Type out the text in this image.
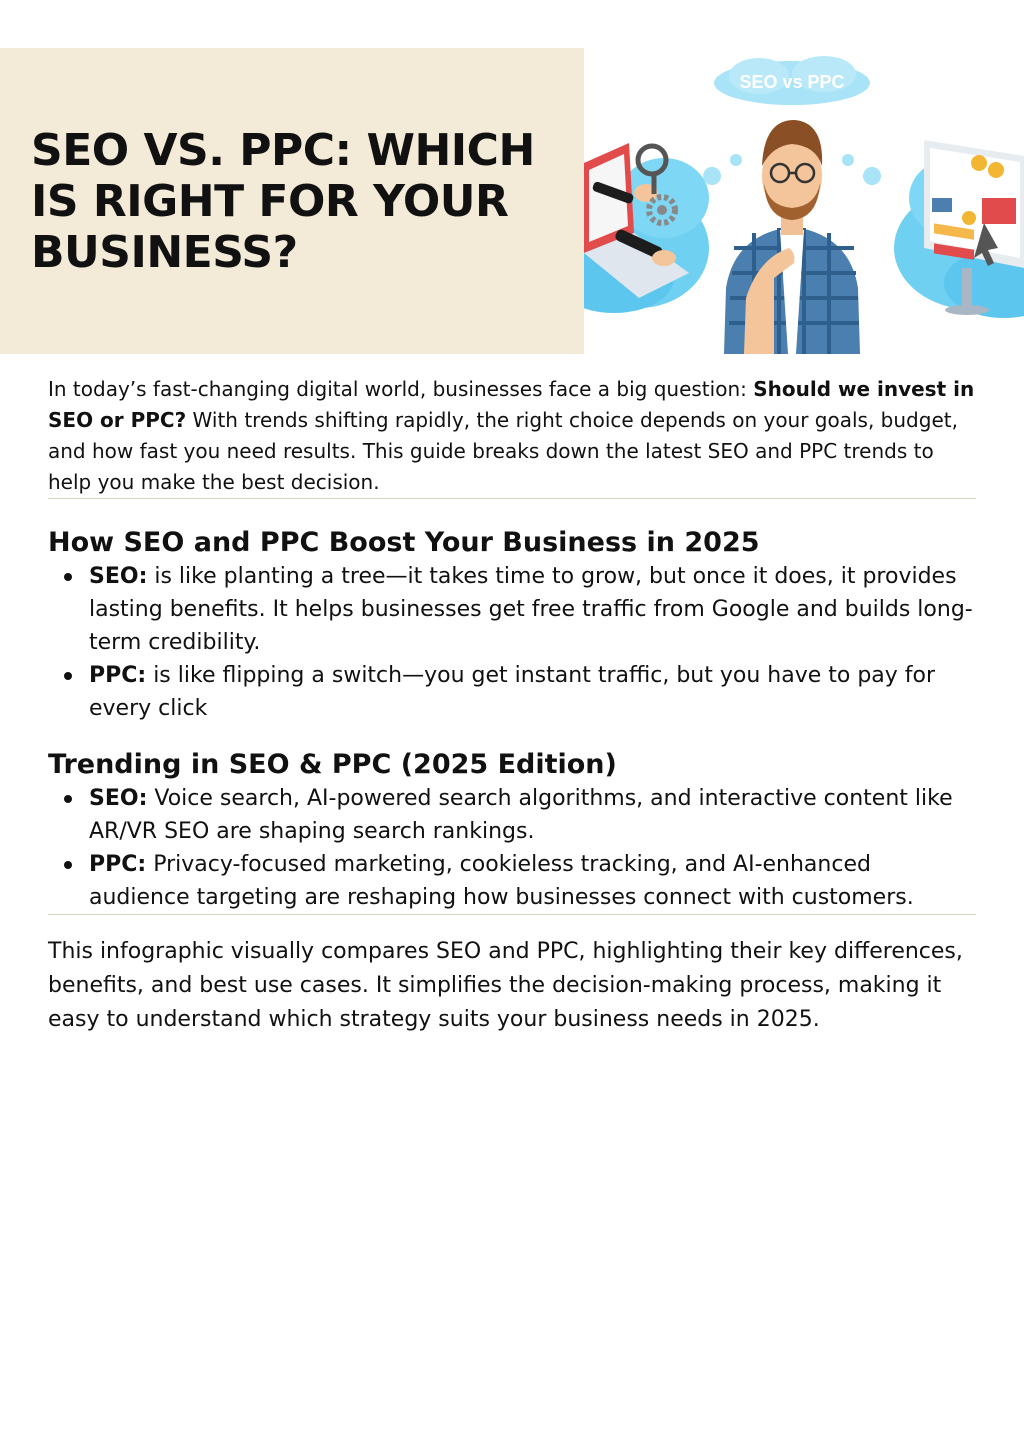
SEO VS. PPC: WHICH IS RIGHT FOR YOUR BUSINESS?
SEO vs PPC

In today’s fast-changing digital world, businesses face a big question: Should we invest in SEO or PPC? With trends shifting rapidly, the right choice depends on your goals, budget, and how fast you need results. This guide breaks down the latest SEO and PPC trends to help you make the best decision.

How SEO and PPC Boost Your Business in 2025
SEO: is like planting a tree—it takes time to grow, but once it does, it provides lasting benefits. It helps businesses get free traffic from Google and builds long-term credibility.
PPC: is like flipping a switch—you get instant traffic, but you have to pay for every click
Trending in SEO & PPC (2025 Edition)
SEO: Voice search, AI-powered search algorithms, and interactive content like AR/VR SEO are shaping search rankings.
PPC: Privacy-focused marketing, cookieless tracking, and AI-enhanced audience targeting are reshaping how businesses connect with customers.

This infographic visually compares SEO and PPC, highlighting their key differences, benefits, and best use cases. It simplifies the decision-making process, making it easy to understand which strategy suits your business needs in 2025.
